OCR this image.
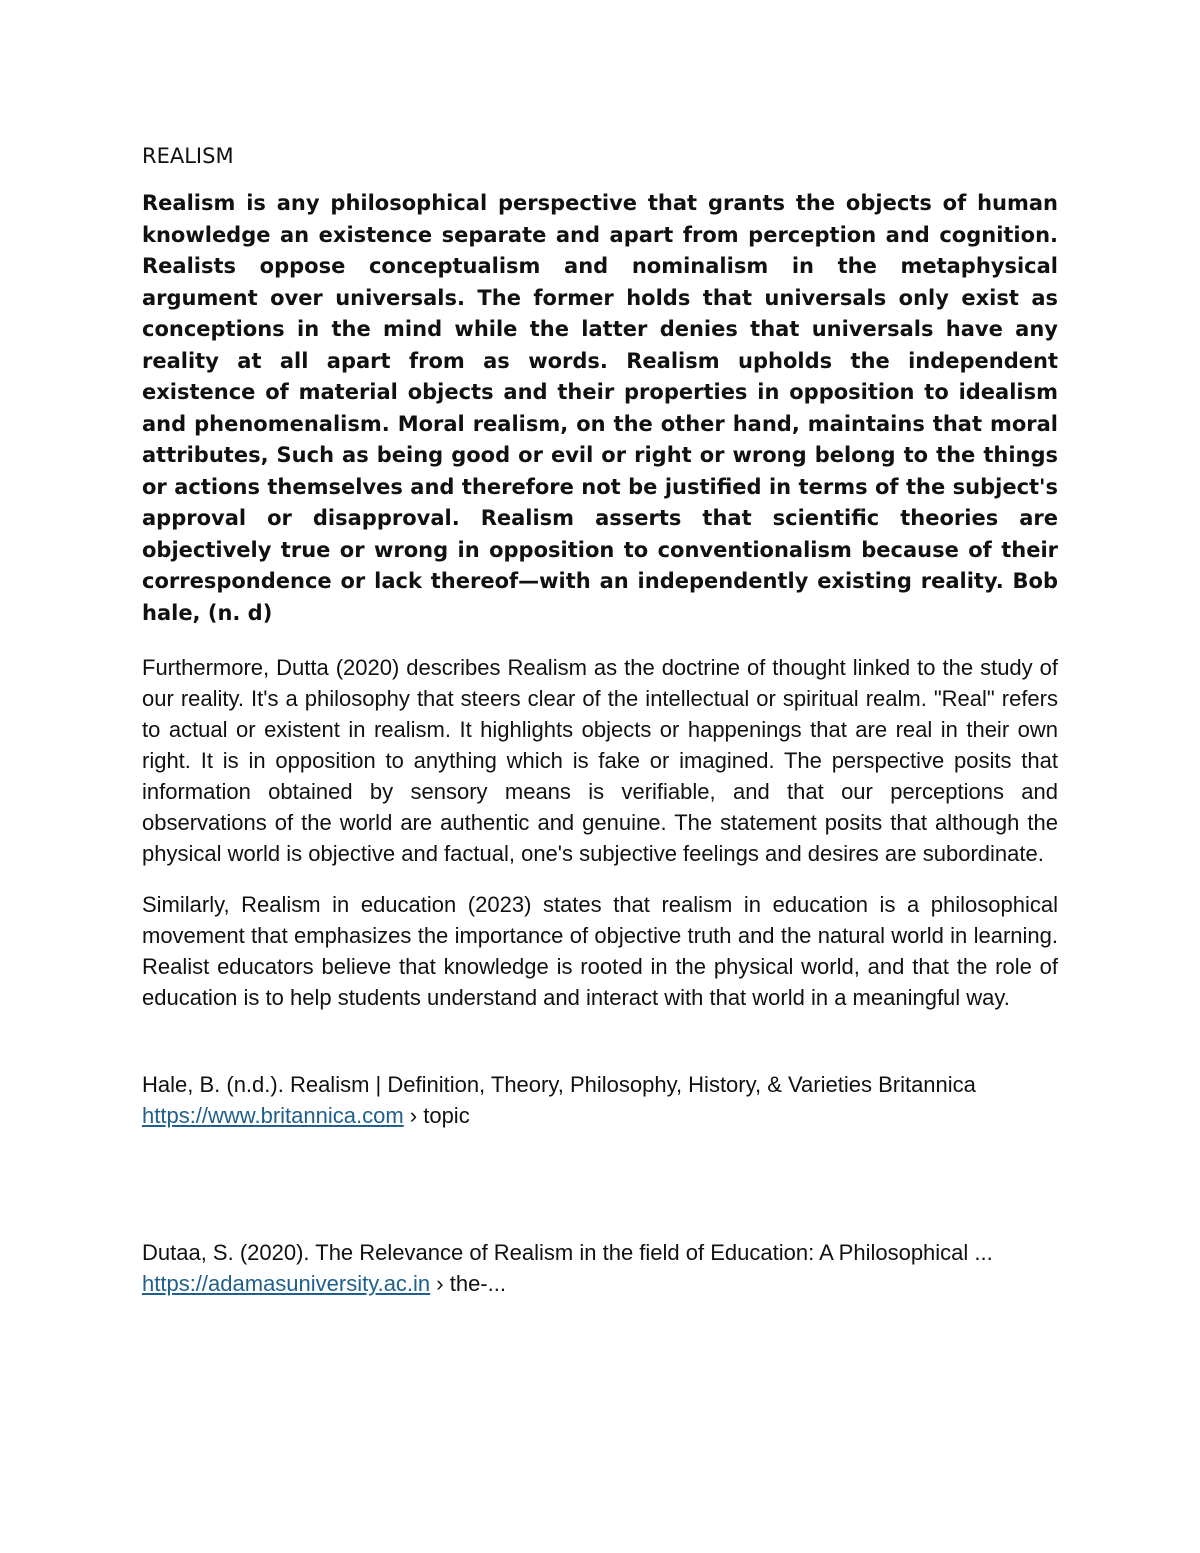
REALISM

Realism is any philosophical perspective that grants the objects of human knowledge an existence separate and apart from perception and cognition. Realists oppose conceptualism and nominalism in the metaphysical argument over universals. The former holds that universals only exist as conceptions in the mind while the latter denies that universals have any reality at all apart from as words. Realism upholds the independent existence of material objects and their properties in opposition to idealism and phenomenalism. Moral realism, on the other hand, maintains that moral attributes, Such as being good or evil or right or wrong belong to the things or actions themselves and therefore not be justified in terms of the subject's approval or disapproval. Realism asserts that scientific theories are objectively true or wrong in opposition to conventionalism because of their correspondence or lack thereof—with an independently existing reality. Bob hale, (n. d)

Furthermore, Dutta (2020) describes Realism as the doctrine of thought linked to the study of our reality. It's a philosophy that steers clear of the intellectual or spiritual realm. "Real" refers to actual or existent in realism. It highlights objects or happenings that are real in their own right. It is in opposition to anything which is fake or imagined. The perspective posits that information obtained by sensory means is verifiable, and that our perceptions and observations of the world are authentic and genuine. The statement posits that although the physical world is objective and factual, one's subjective feelings and desires are subordinate.

Similarly, Realism in education (2023) states that realism in education is a philosophical movement that emphasizes the importance of objective truth and the natural world in learning. Realist educators believe that knowledge is rooted in the physical world, and that the role of education is to help students understand and interact with that world in a meaningful way.

Hale, B. (n.d.). Realism | Definition, Theory, Philosophy, History, & Varieties Britannica
https://www.britannica.com › topic

Dutaa, S. (2020). The Relevance of Realism in the field of Education: A Philosophical ...
https://adamasuniversity.ac.in › the-...
